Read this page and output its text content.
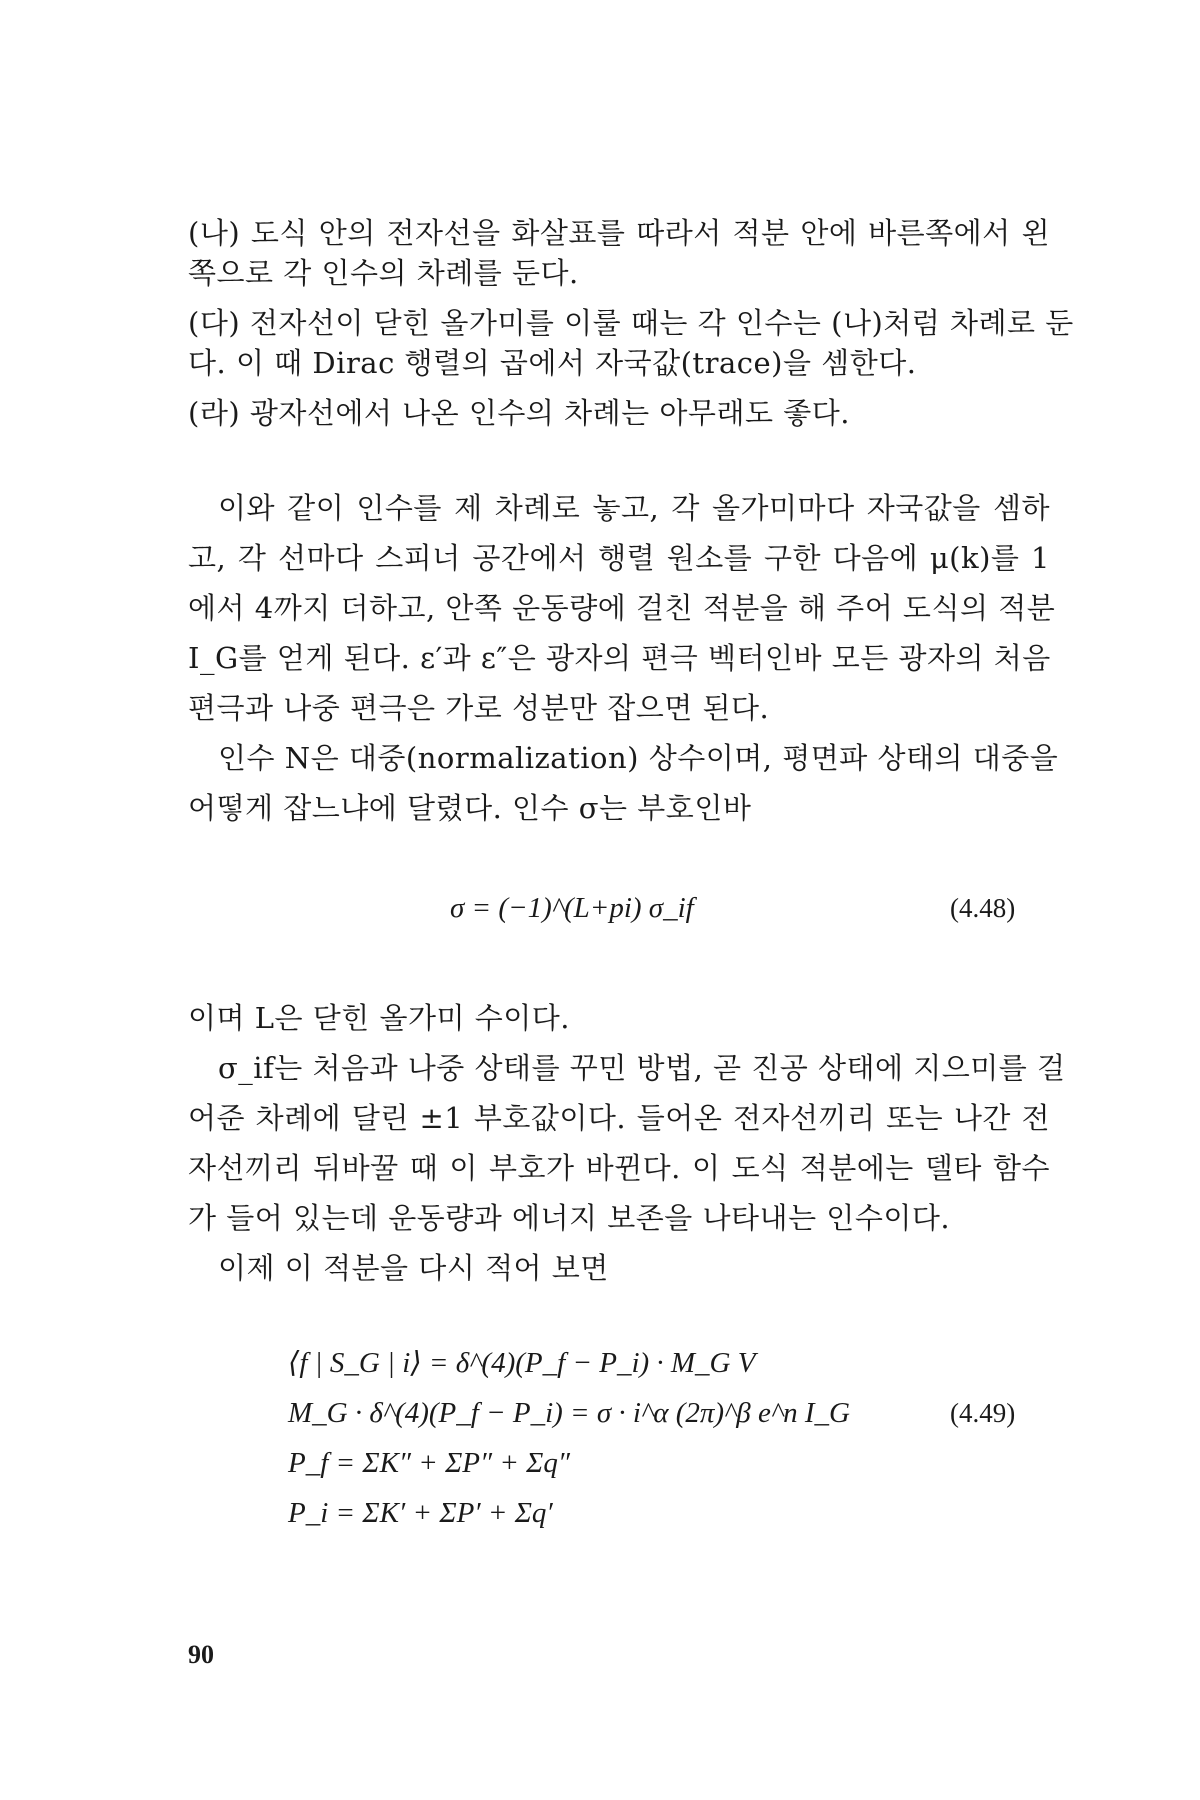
(나) 도식 안의 전자선을 화살표를 따라서 적분 안에 바른쪽에서 왼
쪽으로 각 인수의 차례를 둔다.
(다) 전자선이 닫힌 올가미를 이룰 때는 각 인수는 (나)처럼 차례로 둔
다. 이 때 Dirac 행렬의 곱에서 자국값(trace)을 셈한다.
(라) 광자선에서 나온 인수의 차례는 아무래도 좋다.
이와 같이 인수를 제 차례로 놓고, 각 올가미마다 자국값을 셈하
고, 각 선마다 스피너 공간에서 행렬 원소를 구한 다음에 μ(k)를 1
에서 4까지 더하고, 안쪽 운동량에 걸친 적분을 해 주어 도식의 적분
I_G를 얻게 된다. ε′과 ε″은 광자의 편극 벡터인바 모든 광자의 처음
편극과 나중 편극은 가로 성분만 잡으면 된다.
인수 N은 대중(normalization) 상수이며, 평면파 상태의 대중을
어떻게 잡느냐에 달렸다. 인수 σ는 부호인바
σ = (−1)^(L+pi) σ_if	(4.48)
이며 L은 닫힌 올가미 수이다.
σ_if는 처음과 나중 상태를 꾸민 방법, 곧 진공 상태에 지으미를 걸
어준 차례에 달린 ±1 부호값이다. 들어온 전자선끼리 또는 나간 전
자선끼리 뒤바꿀 때 이 부호가 바뀐다. 이 도식 적분에는 델타 함수
가 들어 있는데 운동량과 에너지 보존을 나타내는 인수이다.
이제 이 적분을 다시 적어 보면
⟨f | S_G | i⟩ = δ^(4)(P_f − P_i) · M_G V
M_G · δ^(4)(P_f − P_i) = σ · i^α (2π)^β e^n I_G	(4.49)
P_f = ΣK″ + ΣP″ + Σq″
P_i = ΣK′ + ΣP′ + Σq′
90
